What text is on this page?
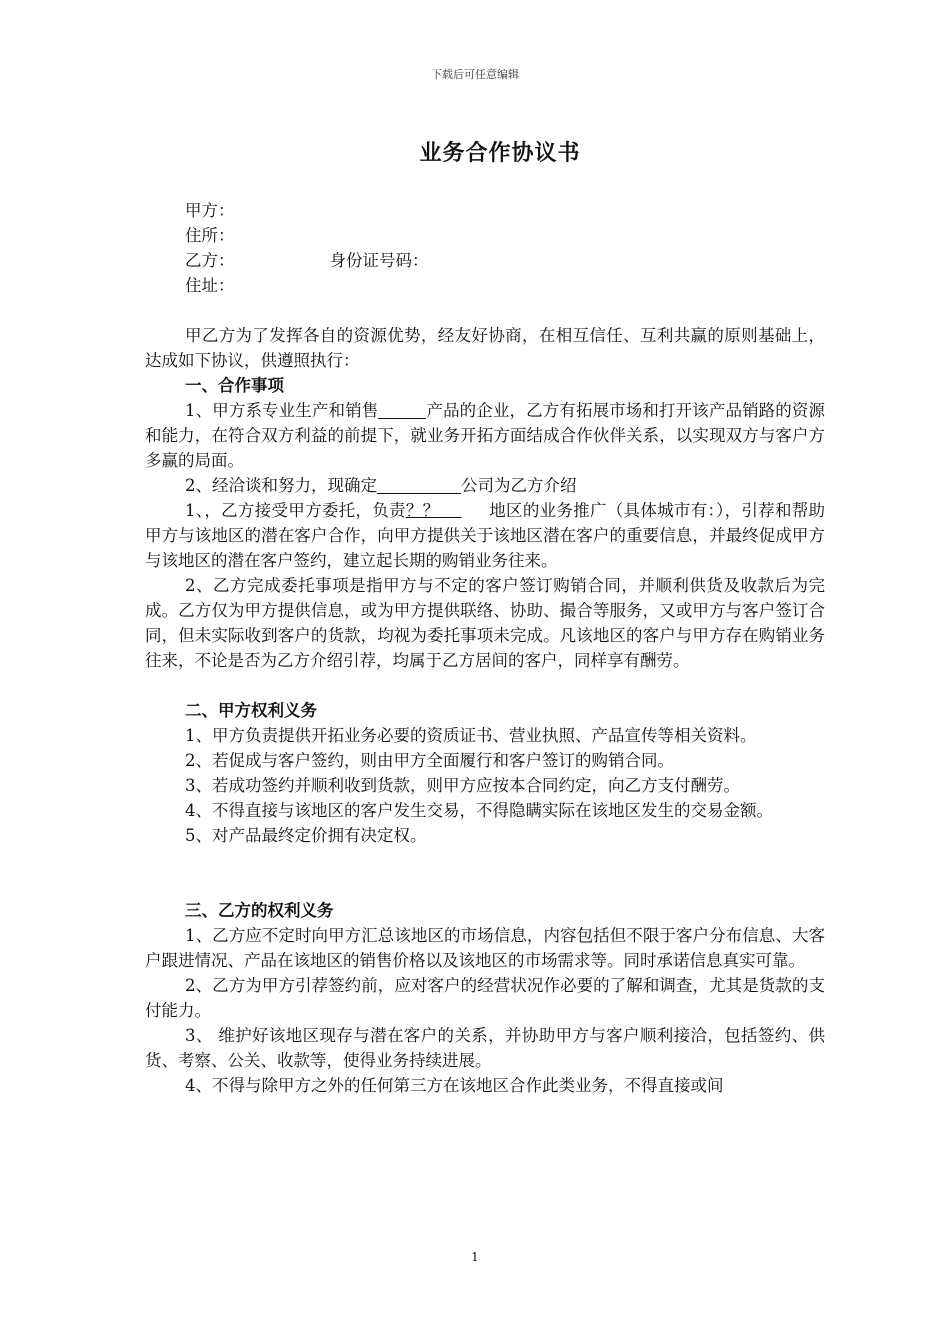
下载后可任意编辑
业务合作协议书

甲方：

住所：

乙方：	身份证号码：

住址：

甲乙方为了发挥各自的资源优势，经友好协商，在相互信任、互利共赢的原则基础上，达成如下协议，供遵照执行：

一、合作事项

1、甲方系专业生产和销售	产品的企业，乙方有拓展市场和打开该产品销路的资源和能力，在符合双方利益的前提下，就业务开拓方面结成合作伙伴关系，以实现双方与客户方多赢的局面。

2、经洽谈和努力，现确定	公司为乙方介绍

1、，乙方接受甲方委托，负责？？	地区的业务推广（具体城市有：），引荐和帮助甲方与该地区的潜在客户合作，向甲方提供关于该地区潜在客户的重要信息，并最终促成甲方与该地区的潜在客户签约，建立起长期的购销业务往来。

2、乙方完成委托事项是指甲方与不定的客户签订购销合同，并顺利供货及收款后为完成。乙方仅为甲方提供信息，或为甲方提供联络、协助、撮合等服务，又或甲方与客户签订合同，但未实际收到客户的货款，均视为委托事项未完成。凡该地区的客户与甲方存在购销业务往来，不论是否为乙方介绍引荐，均属于乙方居间的客户，同样享有酬劳。

二、甲方权利义务

1、甲方负责提供开拓业务必要的资质证书、营业执照、产品宣传等相关资料。

2、若促成与客户签约，则由甲方全面履行和客户签订的购销合同。

3、若成功签约并顺利收到货款，则甲方应按本合同约定，向乙方支付酬劳。

4、不得直接与该地区的客户发生交易，不得隐瞒实际在该地区发生的交易金额。

5、对产品最终定价拥有决定权。

三、乙方的权利义务

1、乙方应不定时向甲方汇总该地区的市场信息，内容包括但不限于客户分布信息、大客户跟进情况、产品在该地区的销售价格以及该地区的市场需求等。同时承诺信息真实可靠。

2、乙方为甲方引荐签约前，应对客户的经营状况作必要的了解和调查，尤其是货款的支付能力。

3、 维护好该地区现存与潜在客户的关系，并协助甲方与客户顺利接洽，包括签约、供货、考察、公关、收款等，使得业务持续进展。

4、不得与除甲方之外的任何第三方在该地区合作此类业务，不得直接或间

1
